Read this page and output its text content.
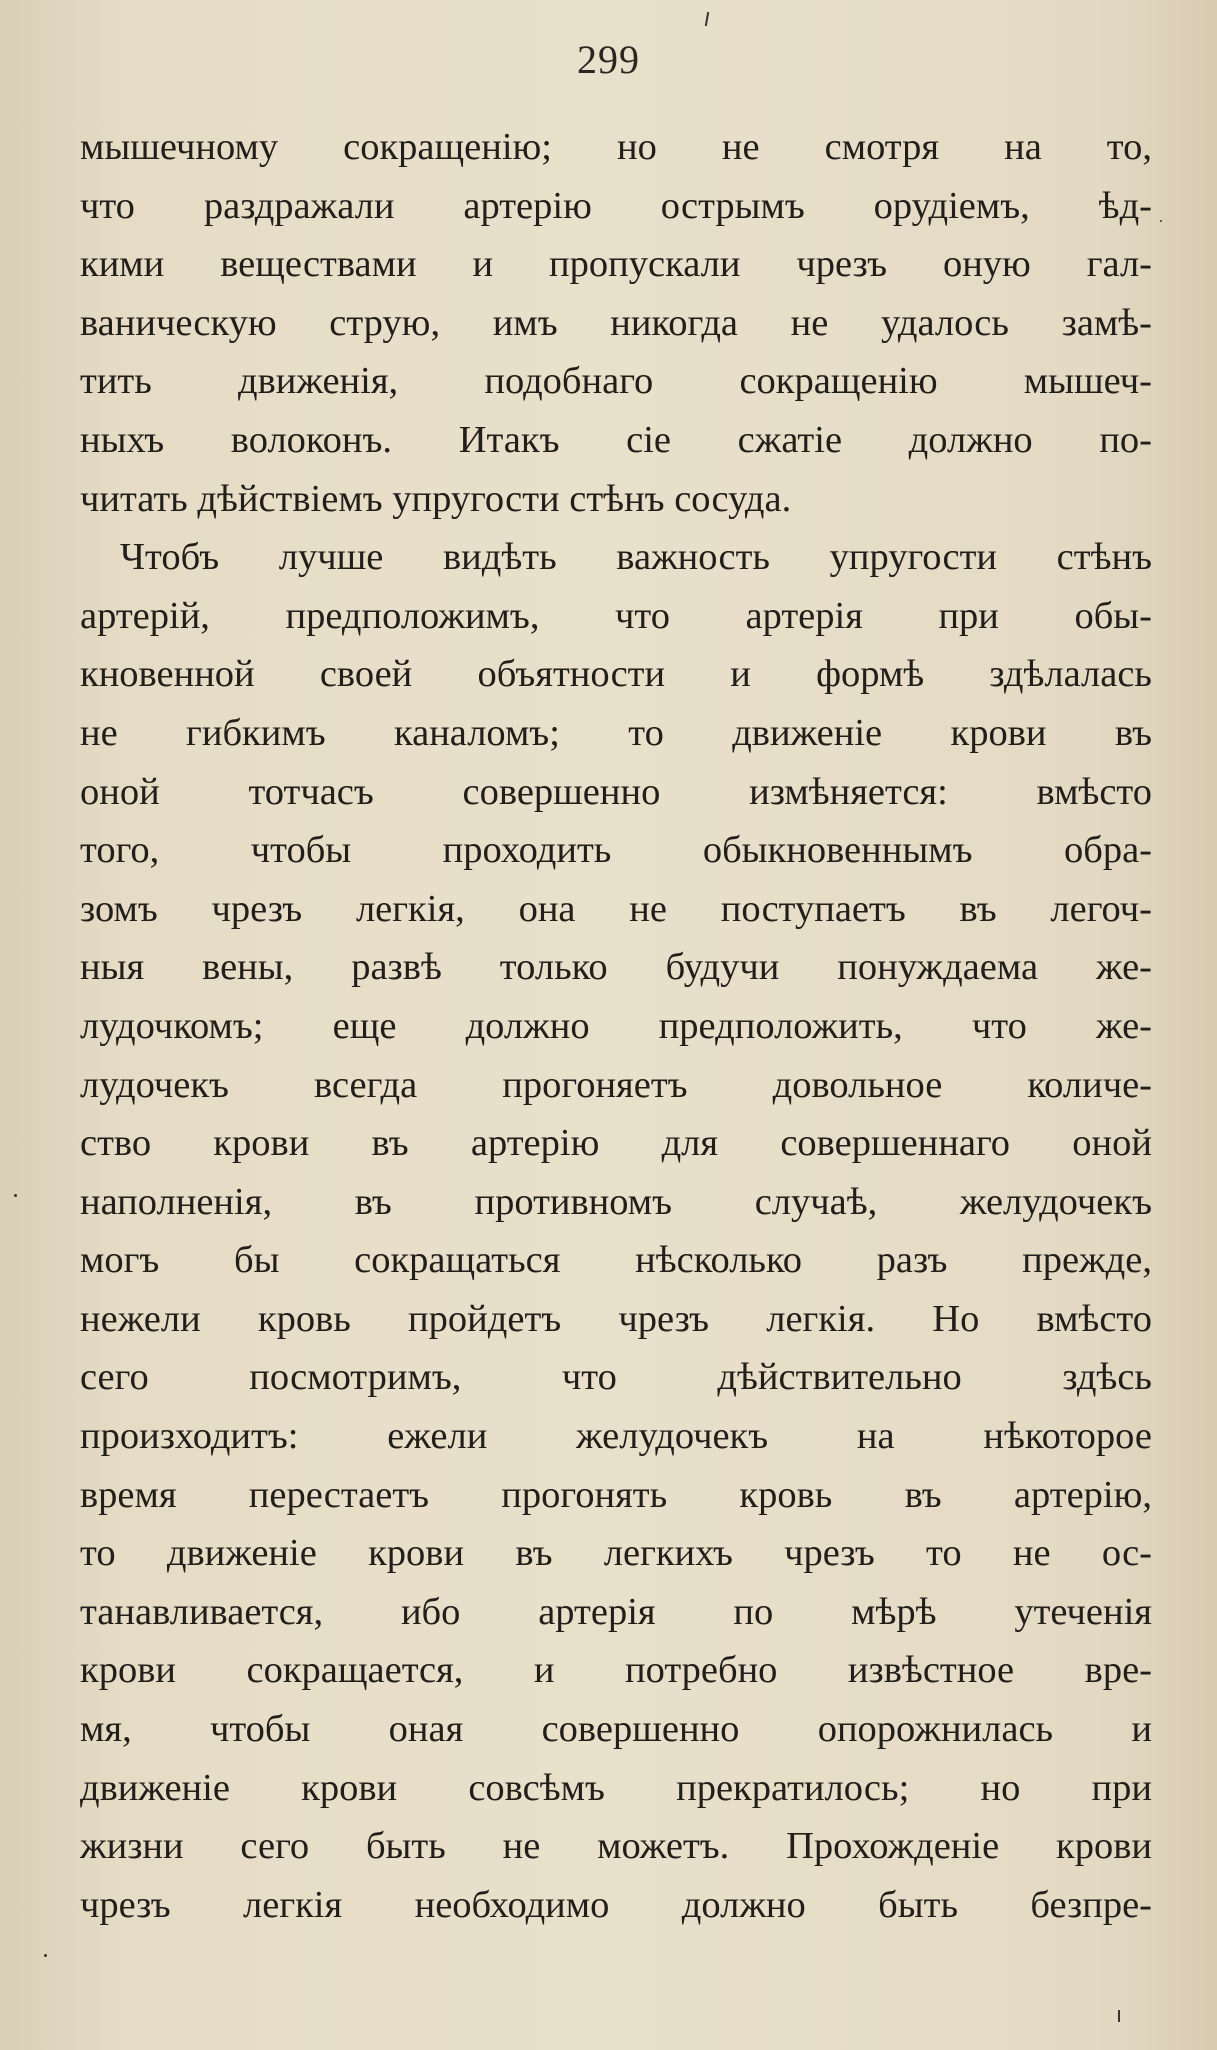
299
мышечному сокращенію; но не смотря на то,
что раздражали артерію острымъ орудіемъ, ѣд-
кими веществами и пропускали чрезъ оную гал-
ваническую струю, имъ никогда не удалось замѣ-
тить движенія, подобнаго сокращенію мышеч-
ныхъ волоконъ. Итакъ сіе сжатіе должно по-
читать дѣйствіемъ упругости стѣнъ сосуда.
Чтобъ лучше видѣть важность упругости стѣнъ
артерій, предположимъ, что артерія при обы-
кновенной своей объятности и формѣ здѣлалась
не гибкимъ каналомъ; то движеніе крови въ
оной тотчасъ совершенно измѣняется: вмѣсто
того, чтобы проходить обыкновеннымъ обра-
зомъ чрезъ легкія, она не поступаетъ въ легоч-
ныя вены, развѣ только будучи понуждаема же-
лудочкомъ; еще должно предположить, что же-
лудочекъ всегда прогоняетъ довольное количе-
ство крови въ артерію для совершеннаго оной
наполненія, въ противномъ случаѣ, желудочекъ
могъ бы сокращаться нѣсколько разъ прежде,
нежели кровь пройдетъ чрезъ легкія. Но вмѣсто
сего посмотримъ, что дѣйствительно здѣсь
произходитъ: ежели желудочекъ на нѣкоторое
время перестаетъ прогонять кровь въ артерію,
то движеніе крови въ легкихъ чрезъ то не ос-
танавливается, ибо артерія по мѣрѣ утеченія
крови сокращается, и потребно извѣстное вре-
мя, чтобы оная совершенно опорожнилась и
движеніе крови совсѣмъ прекратилось; но при
жизни сего быть не можетъ. Прохожденіе крови
чрезъ легкія необходимо должно быть безпре-
